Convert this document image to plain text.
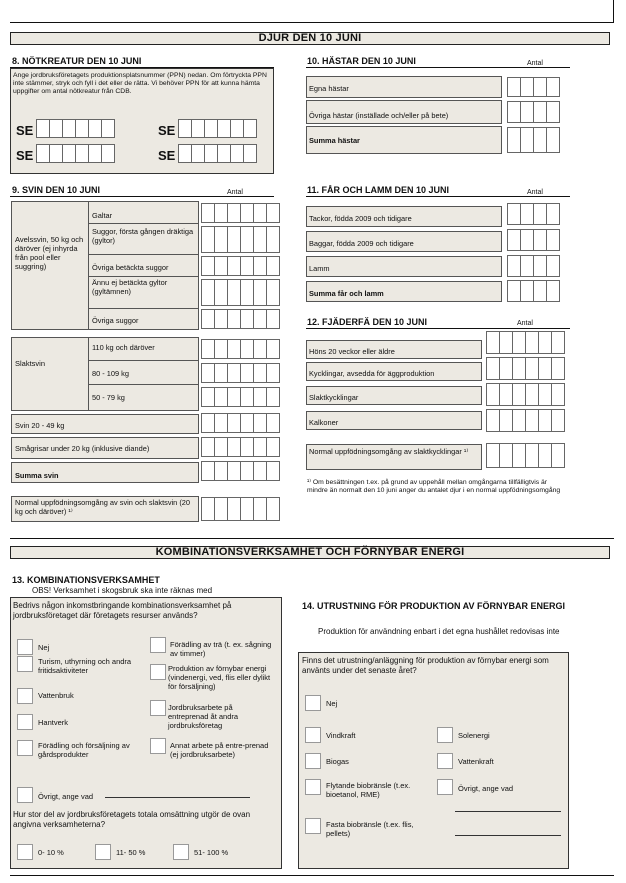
DJUR DEN 10 JUNI
8. NÖTKREATUR DEN 10 JUNI
Ange jordbruksföretagets produktionsplatsnummer (PPN) nedan. Om förtryckta PPN inte stämmer, stryk och fyll i det eller de rätta. Vi behöver PPN för att kunna hämta uppgifter om antal nötkreatur från CDB.
SE	SE
SE	SE
10. HÄSTAR DEN 10 JUNI	Antal
Egna hästar
Övriga hästar (inställade och/eller på bete)
Summa hästar
9. SVIN DEN 10 JUNI	Antal
Avelssvin, 50 kg och däröver (ej inhyrda från pool eller suggring)
Galtar
Suggor, första gången dräktiga (gyltor)
Övriga betäckta suggor
Ännu ej betäckta gyltor (gyltämnen)
Övriga suggor
Slaktsvin
110 kg och däröver
80 - 109 kg
50 - 79 kg
Svin 20 - 49 kg
Smågrisar under 20 kg (inklusive diande)
Summa svin
Normal uppfödningsomgång av svin och slaktsvin (20 kg och däröver) ¹⁾
11. FÅR OCH LAMM DEN 10 JUNI	Antal
Tackor, födda 2009 och tidigare
Baggar, födda 2009 och tidigare
Lamm
Summa får och lamm
12. FJÄDERFÄ DEN 10 JUNI	Antal
Höns 20 veckor eller äldre
Kycklingar, avsedda för äggproduktion
Slaktkycklingar
Kalkoner
Normal uppfödningsomgång av slaktkycklingar ¹⁾
¹⁾ Om besättningen t.ex. på grund av uppehåll mellan omgångarna tillfälligtvis är mindre än normalt den 10 juni anger du antalet djur i en normal uppfödningsomgång
KOMBINATIONSVERKSAMHET OCH FÖRNYBAR ENERGI
13. KOMBINATIONSVERKSAMHET
OBS! Verksamhet i skogsbruk ska inte räknas med
Bedrivs någon inkomstbringande kombinationsverksamhet på jordbruksföretaget där företagets resurser används?
Nej
Turism, uthyrning och andra fritidsaktiviteter
Vattenbruk
Hantverk
Förädling och försäljning av gårdsprodukter
Förädling av trä (t. ex. sågning av timmer)
Produktion av förnybar energi (vindenergi, ved, flis eller dylikt för försäljning)
Jordbruksarbete på entreprenad åt andra jordbruksföretag
Annat arbete på entre-prenad (ej jordbruksarbete)
Övrigt, ange vad
Hur stor del av jordbruksföretagets totala omsättning utgör de ovan angivna verksamheterna?
0- 10 %	11- 50 %	51- 100 %
14. UTRUSTNING FÖR PRODUKTION AV FÖRNYBAR ENERGI
Produktion för användning enbart i det egna hushållet redovisas inte
Finns det utrustning/anläggning för produktion av förnybar energi som använts under det senaste året?
Nej
Vindkraft
Biogas
Flytande biobränsle (t.ex. bioetanol, RME)
Fasta biobränsle (t.ex. flis, pellets)
Solenergi
Vattenkraft
Övrigt, ange vad
